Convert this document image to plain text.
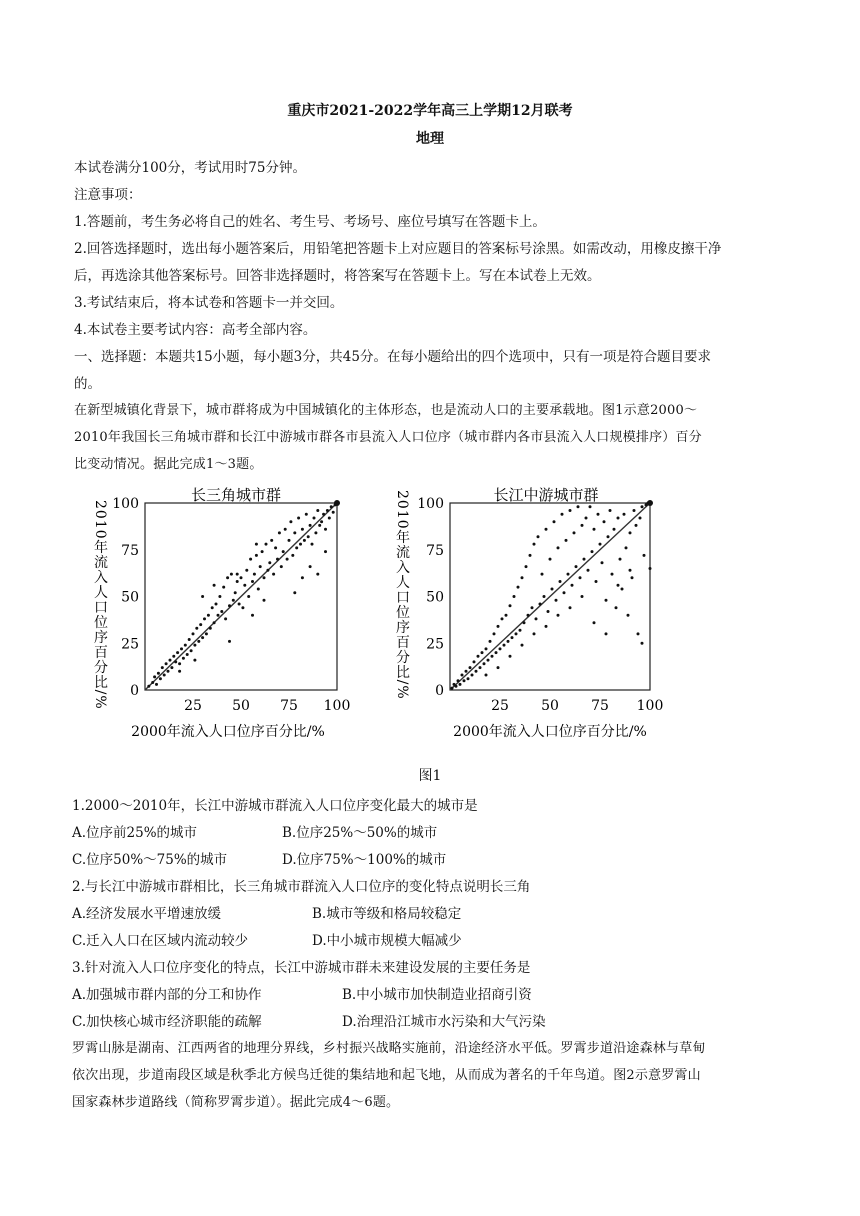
重庆市2021-2022学年高三上学期12月联考
地理
本试卷满分100分，考试用时75分钟。
注意事项：
1.答题前，考生务必将自己的姓名、考生号、考场号、座位号填写在答题卡上。
2.回答选择题时，选出每小题答案后，用铅笔把答题卡上对应题目的答案标号涂黑。如需改动，用橡皮擦干净
后，再选涂其他答案标号。回答非选择题时，将答案写在答题卡上。写在本试卷上无效。
3.考试结束后，将本试卷和答题卡一并交回。
4.本试卷主要考试内容：高考全部内容。
一、选择题：本题共15小题，每小题3分，共45分。在每小题给出的四个选项中，只有一项是符合题目要求
的。
在新型城镇化背景下，城市群将成为中国城镇化的主体形态，也是流动人口的主要承载地。图1示意2000～
2010年我国长三角城市群和长江中游城市群各市县流入人口位序（城市群内各市县流入人口规模排序）百分
比变动情况。据此完成1～3题。
长三角城市群
0
25
25
50
50
75
75
100
100
2010年流入人口位序百分比/%
2000年流入人口位序百分比/%
长江中游城市群
0
25
25
50
50
75
75
100
100
2010年流入人口位序百分比/%
2000年流入人口位序百分比/%
图1
1.2000～2010年，长江中游城市群流入人口位序变化最大的城市是
A.位序前25%的城市	B.位序25%～50%的城市
C.位序50%～75%的城市	D.位序75%～100%的城市
2.与长江中游城市群相比，长三角城市群流入人口位序的变化特点说明长三角
A.经济发展水平增速放缓	B.城市等级和格局较稳定
C.迁入人口在区域内流动较少	D.中小城市规模大幅减少
3.针对流入人口位序变化的特点，长江中游城市群未来建设发展的主要任务是
A.加强城市群内部的分工和协作	B.中小城市加快制造业招商引资
C.加快核心城市经济职能的疏解	D.治理沿江城市水污染和大气污染
罗霄山脉是湖南、江西两省的地理分界线，乡村振兴战略实施前，沿途经济水平低。罗霄步道沿途森林与草甸
依次出现，步道南段区域是秋季北方候鸟迁徙的集结地和起飞地，从而成为著名的千年鸟道。图2示意罗霄山
国家森林步道路线（简称罗霄步道）。据此完成4～6题。
